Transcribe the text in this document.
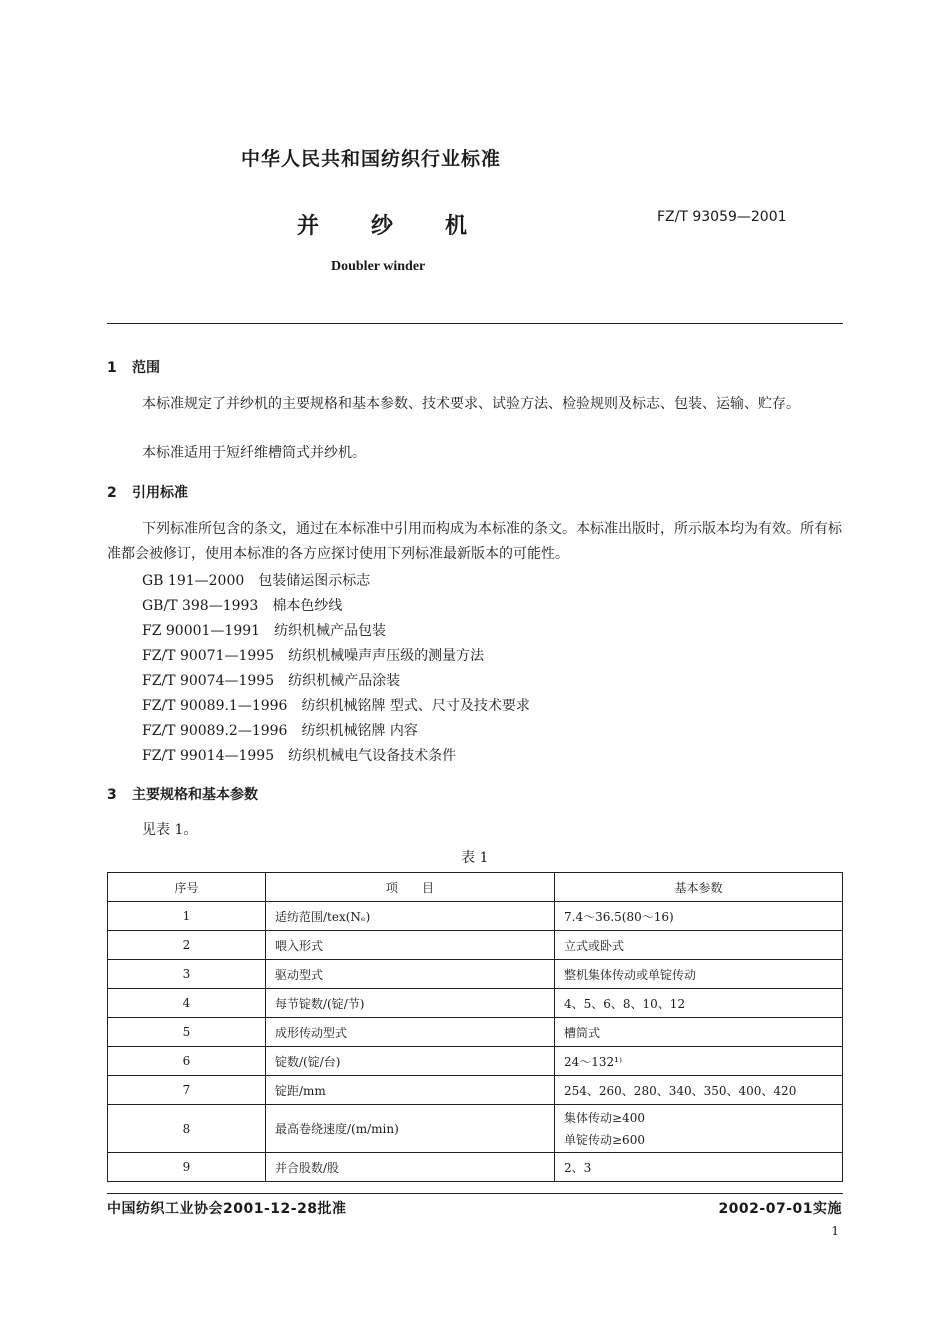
中华人民共和国纺织行业标准
并纱机	FZ/T 93059—2001
Doubler winder
1 范围
本标准规定了并纱机的主要规格和基本参数、技术要求、试验方法、检验规则及标志、包装、运输、贮存。
本标准适用于短纤维槽筒式并纱机。
2 引用标准
下列标准所包含的条文，通过在本标准中引用而构成为本标准的条文。本标准出版时，所示版本均为有效。所有标准都会被修订，使用本标准的各方应探讨使用下列标准最新版本的可能性。
GB 191—2000　 包装储运图示标志
GB/T 398—1993　 棉本色纱线
FZ 90001—1991　 纺织机械产品包装
FZ/T 90071—1995　 纺织机械噪声声压级的测量方法
FZ/T 90074—1995　 纺织机械产品涂装
FZ/T 90089.1—1996　 纺织机械铭牌 型式、尺寸及技术要求
FZ/T 90089.2—1996　 纺织机械铭牌 内容
FZ/T 99014—1995　 纺织机械电气设备技术条件
3 主要规格和基本参数
见表 1。
表 1
序号	项　　目	基本参数
1	适纺范围/tex(Nₑ)	7.4～36.5(80～16)
2	喂入形式	立式或卧式
3	驱动型式	整机集体传动或单锭传动
4	每节锭数/(锭/节)	4、5、6、8、10、12
5	成形传动型式	槽筒式
6	锭数/(锭/台)	24～132¹⁾
7	锭距/mm	254、260、280、340、350、400、420
8	最高卷绕速度/(m/min)	集体传动≥400
单锭传动≥600

9	并合股数/股	2、3
中国纺织工业协会2001-12-28批准	2002-07-01实施
1
